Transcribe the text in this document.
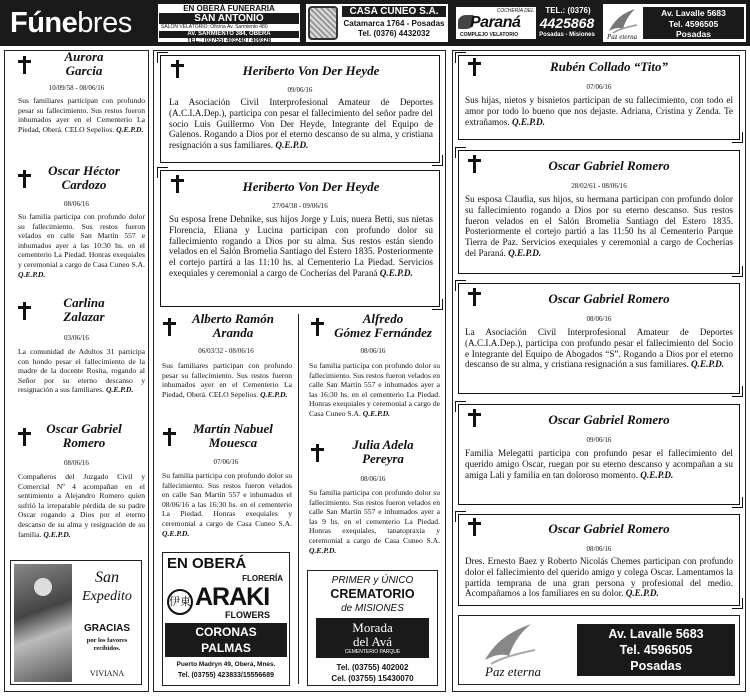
Fúnebres	EN OBERÁ FUNERARIA
SAN ANTONIO
SALÓN VELATORIO: Oficina Av. Sarmiento 480
AV. SARMIENTO 384, OBERÁ
TEL.: (03755) 403240 / 409328
CASA CUNEO S.A.
Catamarca 1764 - Posadas
Tel. (0376) 4432032
COCHERÍA DEL
Paraná
COMPLEJO VELATORIO
TEL.: (0376)
4425868
Posadas - Misiones	Paz eterna
Av. Lavalle 5683
Tel. 4596505
Posadas
Aurora
Garcia
10/09/58 - 08/06/16
Sus familiares participan con profundo pesar su fallecimiento. Sus restos fueron inhumados ayer en el Cementerio La Piedad, Oberá. CELO Sepelios. Q.E.P.D.
Oscar Héctor
Cardozo
08/06/16
Su familia participa con profundo dolor su fallecimiento. Sus restos fueron velados en calle San Martín 557 e inhumados ayer a las 10:30 hs. en el cementerio La Piedad. Honras exequiales y ceremonial a cargo de Casa Cuneo S.A. Q.E.P.D.
Carlina
Zalazar
03/06/16
La comunidad de Adultos 31 participa con hondo pesar el fallecimiento de la madre de la docente Rosita, rogando al Señor por su eterno descanso y resignación a sus familiares. Q.E.P.D.
Oscar Gabriel
Romero
08/06/16
Compañeros del Juzgado Civil y Comercial Nº 4 acompañan en el sentimiento a Alejandro Romero quien sufrió la irreparable pérdida de su padre Oscar rogando a Dios por el eterno descanso de su alma y resignación de su familia. Q.E.P.D.
San
Expedito
GRACIAS
por los favores recibidos.
VIVIANA
Heriberto Von Der Heyde
09/06/16
La Asociación Civil Interprofesional Amateur de Deportes (A.C.I.A.Dep.), participa con pesar el fallecimiento del señor padre del socio Luis Guillermo Von Der Heyde, Integrante del Equipo de Galenos. Rogando a Dios por el eterno descanso de su alma, y cristiana resignación a sus familiares. Q.E.P.D.
Heriberto Von Der Heyde
27/04/38 - 09/06/16
Su esposa Irene Dehnike, sus hijos Jorge y Luis, nuera Betti, sus nietas Florencia, Eliana y Lucina participan con profundo dolor su fallecimiento rogando a Dios por su alma. Sus restos están siendo velados en el Salón Bromelia Santiago del Estero 1835. Posteriormente el cortejo partirá a las 11:10 hs. al Cementerio La Piedad. Servicios exequiales y ceremonial a cargo de Cocherías del Paraná Q.E.P.D.
Alberto Ramón
Aranda
06/03/32 - 08/06/16
Sus familiares participan con profundo pesar su fallecimiento. Sus restos fueron inhumados ayer en el Cementerio La Piedad, Oberá. CELO Sepelios. Q.E.P.D.
Martín Nabuel
Mouesca
07/06/16
Su familia participa con profundo dolor su fallecimiento. Sus restos fueron velados en calle San Martín 557 e inhumados el 08/06/16 a las 16:30 hs. en el cementerio La Piedad. Honras exequiales y ceremonial a cargo de Casa Cuneo S.A. Q.E.P.D.
Alfredo
Gómez Fernández
08/06/16
Su familia participa con profundo dolor su fallecimiento. Sus restos fueron velados en calle San Martín 557 e inhumados ayer a las 16:30 hs. en el cementerio La Piedad. Honras exequiales y ceremonial a cargo de Casa Cuneo S.A. Q.E.P.D.
Julia Adela
Pereyra
08/06/16
Su familia participa con profundo dolor su fallecimiento. Sus restos fueron velados en calle San Martín 557 e inhumados ayer a las 9 hs. en el cementerio La Piedad. Honras exequiales, tanatopraxia y ceremonial a cargo de Casa Cuneo S.A. Q.E.P.D.
EN OBERÁ
FLORERÍA
伊東 ARAKI
FLOWERS
CORONAS
PALMAS
Puerto Madryn 49, Oberá, Mnes.
Tel. (03755) 423833/15556689
PRIMER y ÚNICO
CREMATORIO
de MISIONES
Morada
del Avá
CEMENTERIO PARQUE
Tel. (03755) 402002
Cel. (03755) 15430070
Rubén Collado “Tito”
07/06/16
Sus hijas, nietos y bisnietos participan de su fallecimiento, con todo el amor por todo lo bueno que nos dejaste. Adriana, Cristina y Zenda. Te extrañamos. Q.E.P.D.
Oscar Gabriel Romero
28/02/61 - 08/06/16
Su esposa Claudia, sus hijos, su hermana participan con profundo dolor su fallecimiento rogando a Dios por su eterno descanso. Sus restos fueron velados en el Salón Bromelia Santiago del Estero 1835. Posteriormente el cortejo partió a las 11:50 hs al Cementerio Parque Tierra de Paz. Servicios exequiales y ceremonial a cargo de Cocherías del Paraná. Q.E.P.D.
Oscar Gabriel Romero
08/06/16
La Asociación Civil Interprofesional Amateur de Deportes (A.C.I.A.Dep.), participa con profundo pesar el fallecimiento del Socio e Integrante del Equipo de Abogados “S”. Rogando a Dios por el eterno descanso de su alma, y cristiana resignación a sus familiares. Q.E.P.D.
Oscar Gabriel Romero
09/06/16
Familia Melegatti participa con profundo pesar el fallecimiento del querido amigo Oscar, ruegan por su eterno descanso y acompañan a su amiga Lali y familia en tan doloroso momento. Q.E.P.D.
Oscar Gabriel Romero
08/06/16
Dres. Ernesto Baez y Roberto Nicolás Chemes participan con profundo dolor el fallecimiento del querido amigo y colega Oscar. Lamentamos la partida temprana de una gran persona y profesional del medio. Acompañamos a los familiares en su dolor. Q.E.P.D.
Paz eterna
Av. Lavalle 5683
Tel. 4596505
Posadas
